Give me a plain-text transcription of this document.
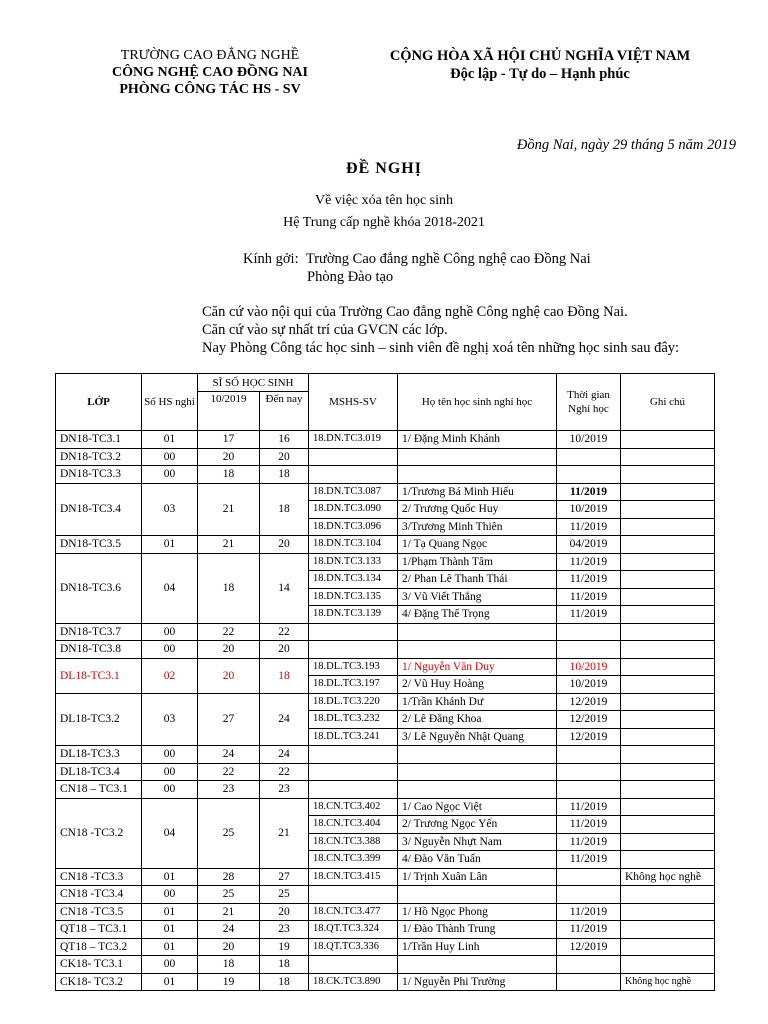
TRƯỜNG CAO ĐẲNG NGHỀ
CÔNG NGHỆ CAO ĐỒNG NAI
PHÒNG CÔNG TÁC HS - SV
CỘNG HÒA XÃ HỘI CHỦ NGHĨA VIỆT NAM
Độc lập - Tự do – Hạnh phúc
Đồng Nai, ngày 29 tháng 5 năm 2019
ĐỀ NGHỊ
Về việc xóa tên học sinh
Hệ Trung cấp nghề khóa 2018-2021
Kính gởi: Trường Cao đẳng nghề Công nghệ cao Đồng Nai
Phòng Đào tạo
Căn cứ vào nội qui của Trường Cao đẳng nghề Công nghệ cao Đồng Nai.
Căn cứ vào sự nhất trí của GVCN các lớp.
Nay Phòng Công tác học sinh – sinh viên đề nghị xoá tên những học sinh sau đây:
LỚP	Số HS nghỉ	SĨ SỐ HỌC SINH		MSHS-SV	Họ tên học sinh nghỉ học	Thời gian Nghỉ học	Ghi chú
		10/2019	Đến nay				
DN18-TC3.1	01	17	16	18.DN.TC3.019	1/ Đặng Minh Khánh	10/2019	
DN18-TC3.2	00	20	20				
DN18-TC3.3	00	18	18				
DN18-TC3.4	03	21	18	18.DN.TC3.087	1/Trương Bá Minh Hiếu	11/2019	
				18.DN.TC3.090	2/ Trương Quốc Huy	10/2019	
				18.DN.TC3.096	3/Trương Minh Thiên	11/2019	
DN18-TC3.5	01	21	20	18.DN.TC3.104	1/ Tạ Quang Ngọc	04/2019	
DN18-TC3.6	04	18	14	18.DN.TC3.133	1/Phạm Thành Tâm	11/2019	
				18.DN.TC3.134	2/ Phan Lê Thanh Thái	11/2019	
				18.DN.TC3.135	3/ Vũ Viết Thắng	11/2019	
				18.DN.TC3.139	4/ Đặng Thế Trọng	11/2019	
DN18-TC3.7	00	22	22				
DN18-TC3.8	00	20	20				
DL18-TC3.1	02	20	18	18.DL.TC3.193	1/ Nguyễn Văn Duy	10/2019	
				18.DL.TC3.197	2/ Vũ Huy Hoàng	10/2019	
DL18-TC3.2	03	27	24	18.DL.TC3.220	1/Trần Khánh Dư	12/2019	
				18.DL.TC3.232	2/ Lê Đăng Khoa	12/2019	
				18.DL.TC3.241	3/ Lê Nguyễn Nhật Quang	12/2019	
DL18-TC3.3	00	24	24				
DL18-TC3.4	00	22	22				
CN18 – TC3.1	00	23	23				
CN18 -TC3.2	04	25	21	18.CN.TC3.402	1/ Cao Ngọc Việt	11/2019	
				18.CN.TC3.404	2/ Trương Ngọc Yến	11/2019	
				18.CN.TC3.388	3/ Nguyễn Nhựt Nam	11/2019	
				18.CN.TC3.399	4/ Đào Văn Tuấn	11/2019	
CN18 -TC3.3	01	28	27	18.CN.TC3.415	1/ Trịnh Xuân Lân		Không học nghề
CN18 -TC3.4	00	25	25				
CN18 -TC3.5	01	21	20	18.CN.TC3.477	1/ Hồ Ngọc Phong	11/2019	
QT18 – TC3.1	01	24	23	18.QT.TC3.324	1/ Đào Thành Trung	11/2019	
QT18 – TC3.2	01	20	19	18.QT.TC3.336	1/Trần Huy Linh	12/2019	
CK18- TC3.1	00	18	18				
CK18- TC3.2	01	19	18	18.CK.TC3.890	1/ Nguyễn Phi Trường		Không học nghề
